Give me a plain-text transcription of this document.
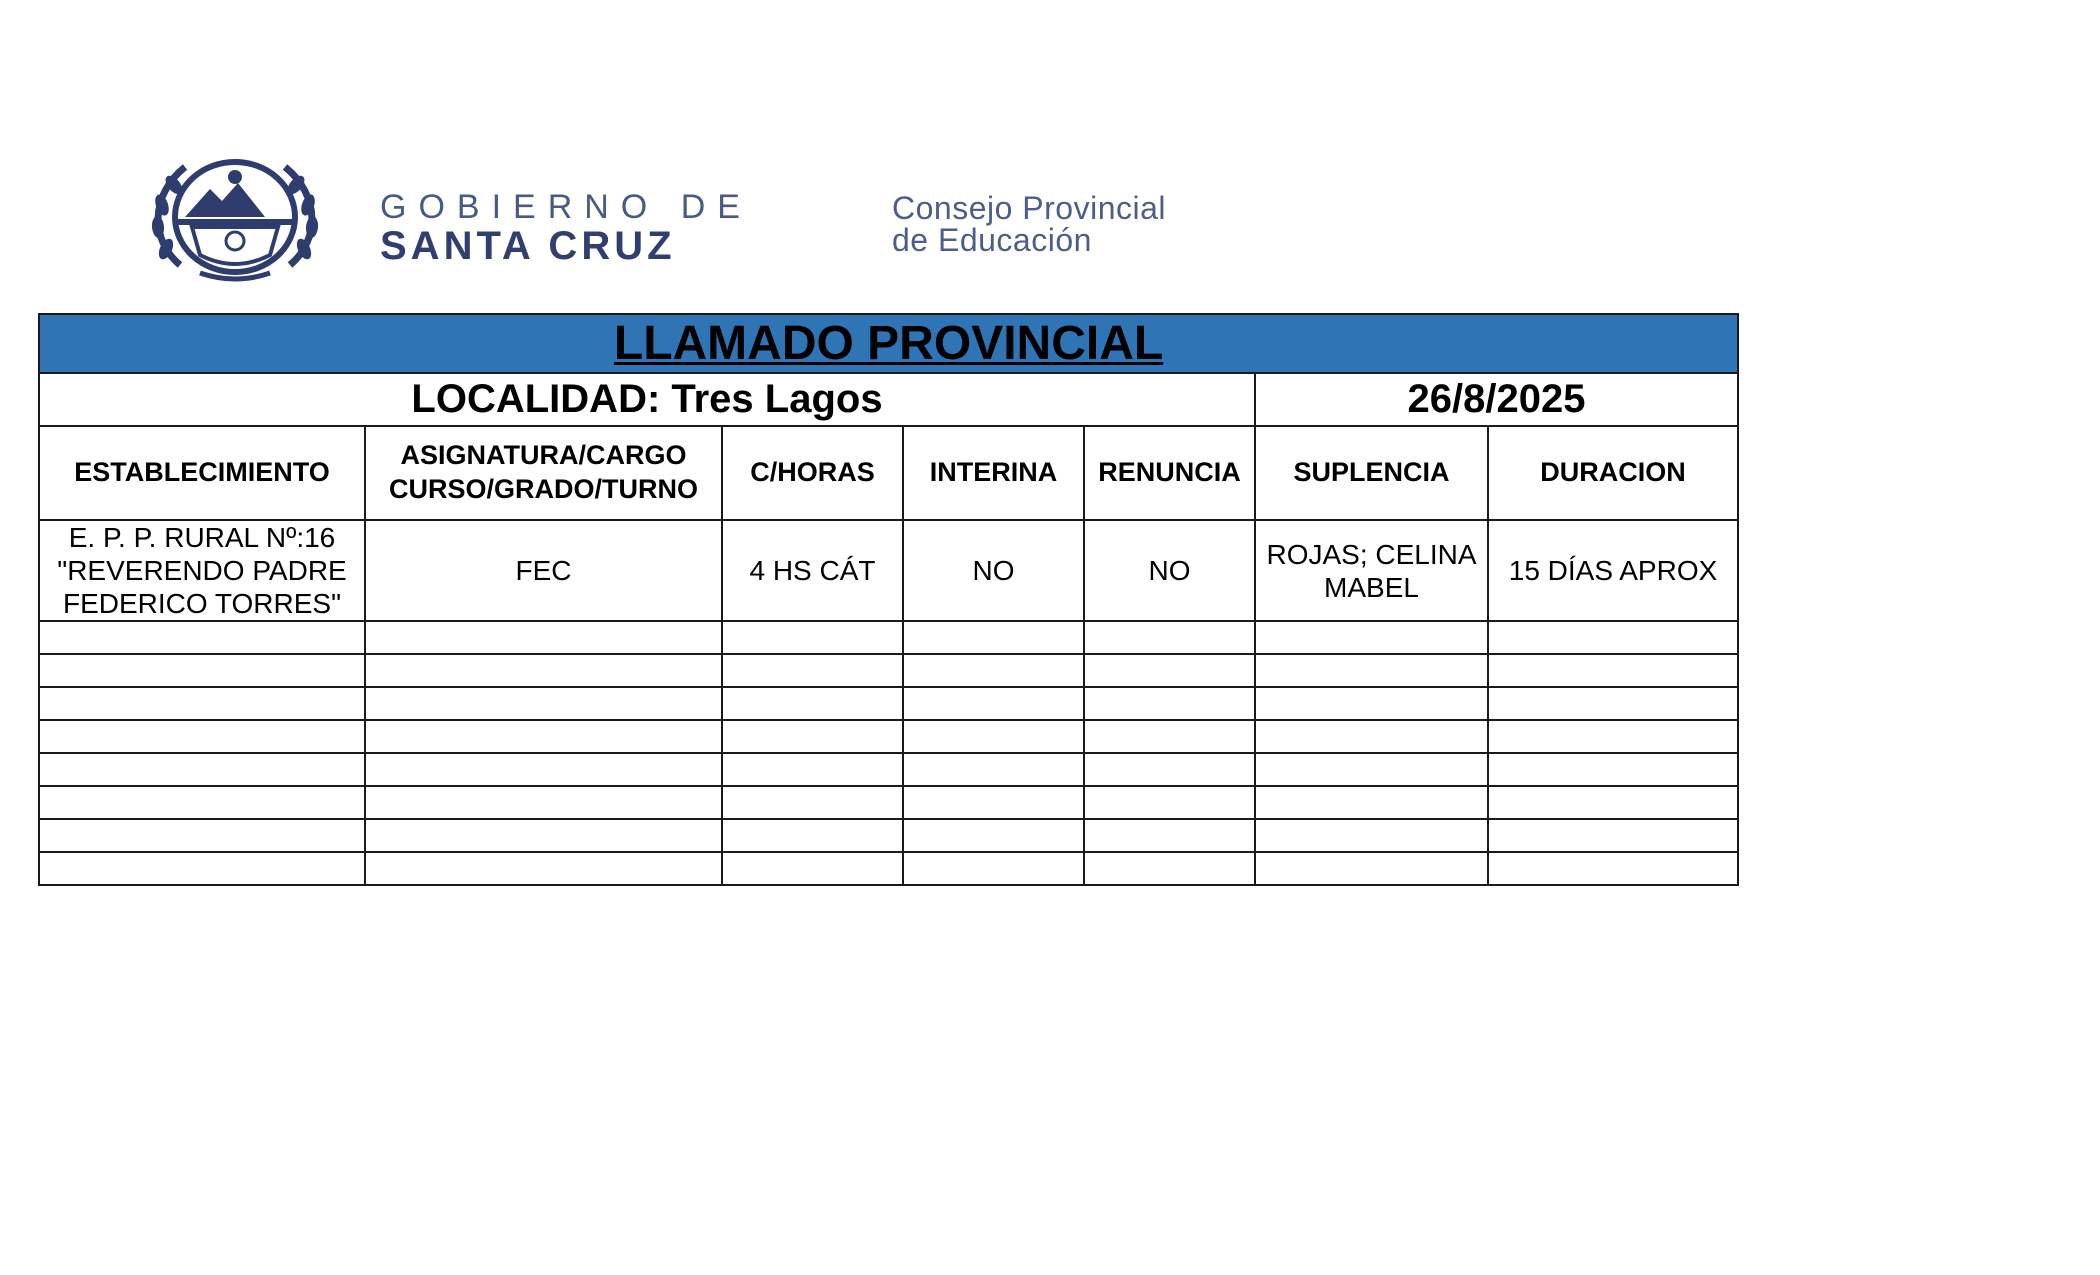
GOBIERNO DE
SANTA CRUZ
Consejo Provincial
de Educación
LLAMADO PROVINCIAL						
LOCALIDAD: Tres Lagos					26/8/2025	
ESTABLECIMIENTO	ASIGNATURA/CARGO CURSO/GRADO/TURNO	C/HORAS	INTERINA	RENUNCIA	SUPLENCIA	DURACION
E. P. P. RURAL Nº:16 "REVERENDO PADRE FEDERICO TORRES"	FEC	4 HS CÁT	NO	NO	ROJAS; CELINA MABEL	15 DÍAS APROX
